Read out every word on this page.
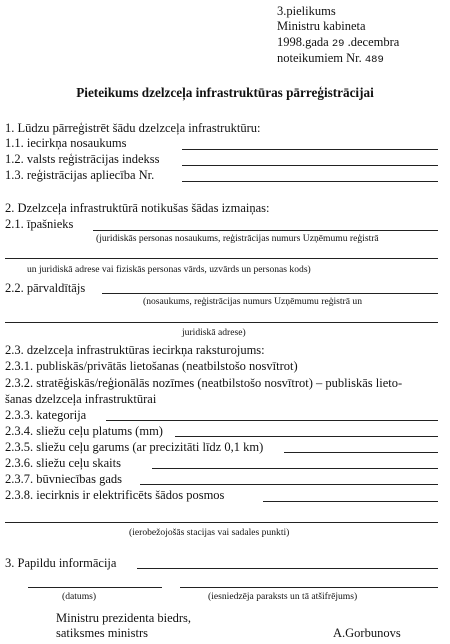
3.pielikums
Ministru kabineta
1998.gada 29 .decembra
noteikumiem Nr. 489
Pieteikums dzelzceļa infrastruktūras pārreģistrācijai
1. Lūdzu pārreģistrēt šādu dzelzceļa infrastruktūru:
1.1. iecirkņa nosaukums
1.2. valsts reģistrācijas indekss
1.3. reģistrācijas apliecība Nr.
2. Dzelzceļa infrastruktūrā notikušas šādas izmaiņas:
2.1. īpašnieks
(juridiskās personas nosaukums, reģistrācijas numurs Uzņēmumu reģistrā
un juridiskā adrese vai fiziskās personas vārds, uzvārds un personas kods)
2.2. pārvaldītājs
(nosaukums, reģistrācijas numurs Uzņēmumu reģistrā un
juridiskā adrese)
2.3. dzelzceļa infrastruktūras iecirkņa raksturojums:
2.3.1. publiskās/privātās lietošanas (neatbilstošo nosvītrot)
2.3.2. stratēģiskās/reģionālās nozīmes (neatbilstošo nosvītrot) – publiskās lieto-
šanas dzelzceļa infrastruktūrai
2.3.3. kategorija
2.3.4. sliežu ceļu platums (mm)
2.3.5. sliežu ceļu garums (ar precizitāti līdz 0,1 km)
2.3.6. sliežu ceļu skaits
2.3.7. būvniecības gads
2.3.8. iecirknis ir elektrificēts šādos posmos
(ierobežojošās stacijas vai sadales punkti)
3. Papildu informācija
(datums)	(iesniedzēja paraksts un tā atšifrējums)
Ministru prezidenta biedrs,
satiksmes ministrs	A.Gorbunovs
